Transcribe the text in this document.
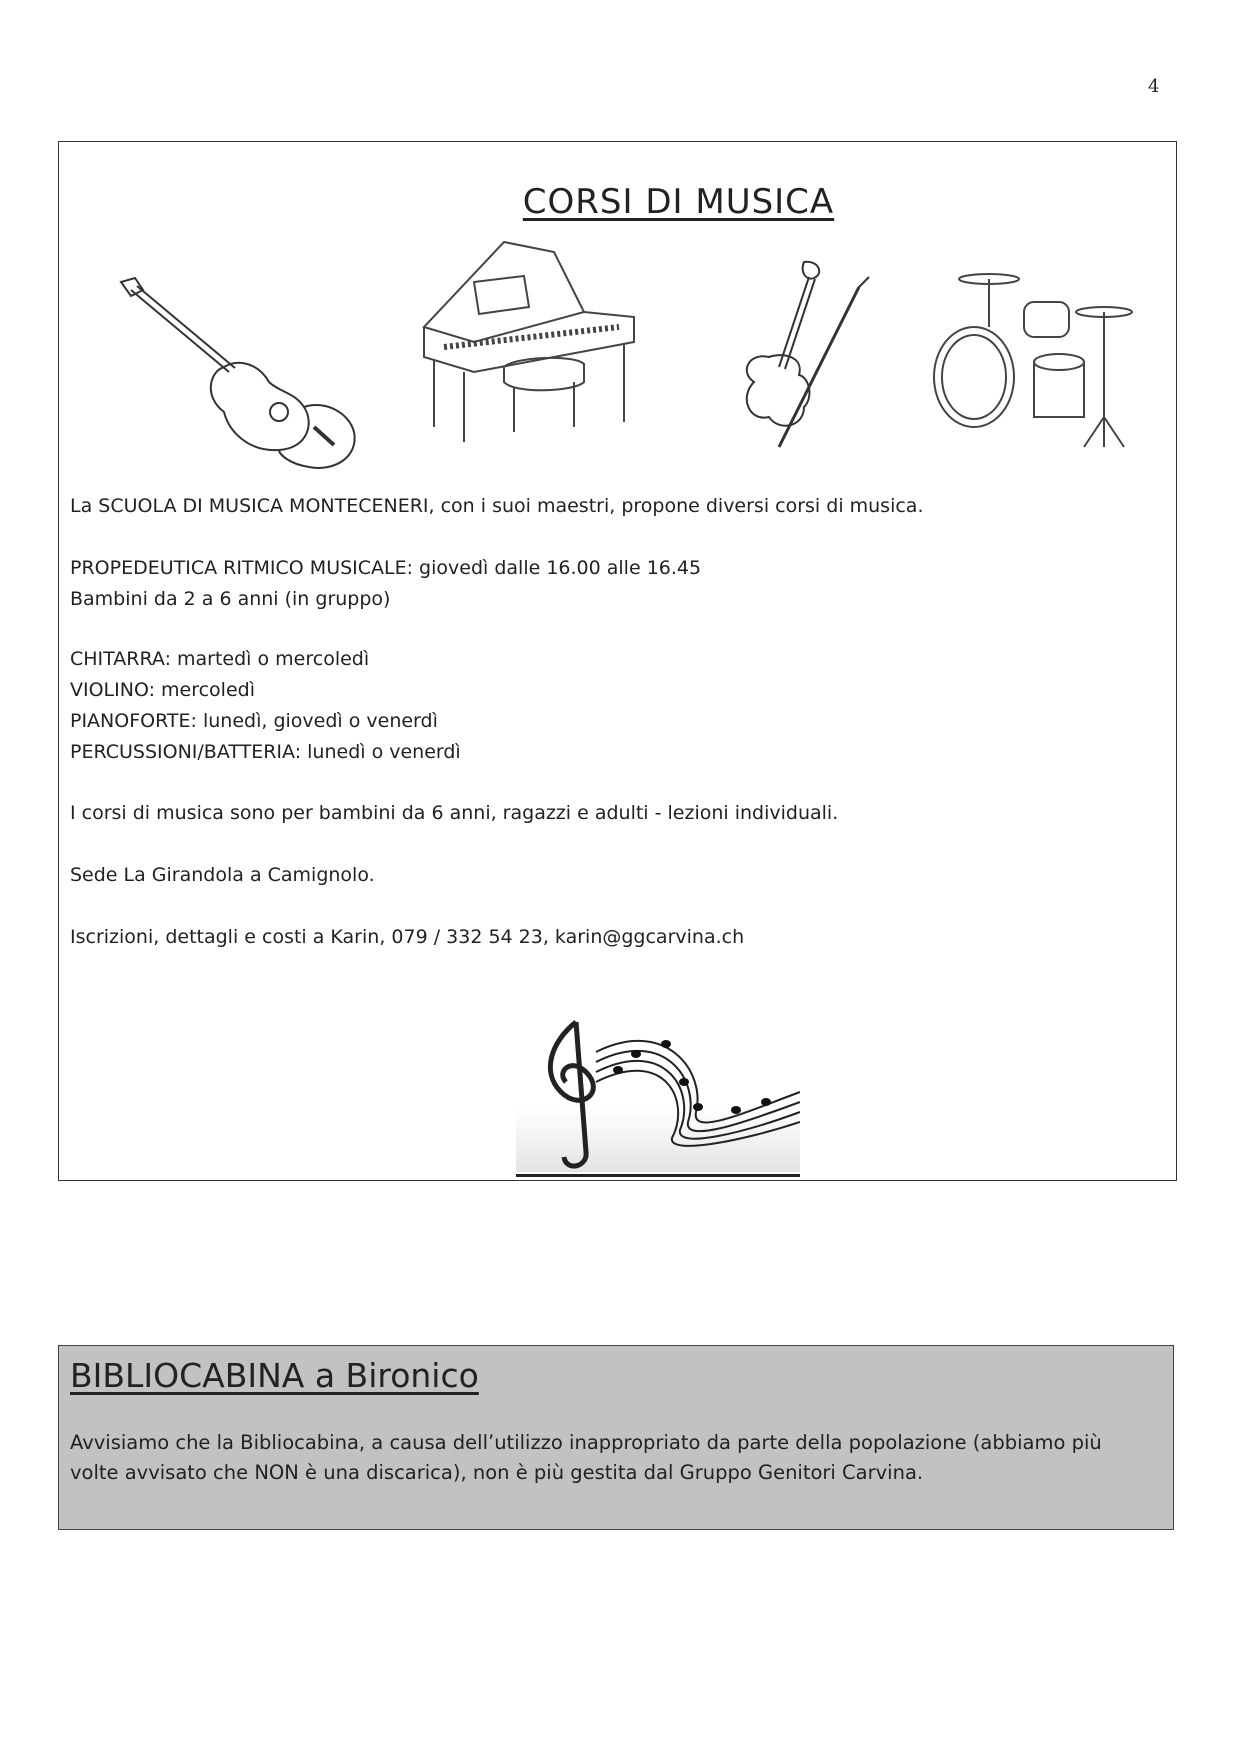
4
CORSI DI MUSICA
La SCUOLA DI MUSICA MONTECENERI, con i suoi maestri, propone diversi corsi di musica.
PROPEDEUTICA RITMICO MUSICALE: giovedì dalle 16.00 alle 16.45
Bambini da 2 a 6 anni (in gruppo)
CHITARRA: martedì o mercoledì
VIOLINO: mercoledì
PIANOFORTE: lunedì, giovedì o venerdì
PERCUSSIONI/BATTERIA: lunedì o venerdì
I corsi di musica sono per bambini da 6 anni, ragazzi e adulti - lezioni individuali.
Sede La Girandola a Camignolo.
Iscrizioni, dettagli e costi a Karin, 079 / 332 54 23, karin@ggcarvina.ch
BIBLIOCABINA a Bironico
Avvisiamo che la Bibliocabina, a causa dell’utilizzo inappropriato da parte della popolazione (abbiamo più
volte avvisato che NON è una discarica), non è più gestita dal Gruppo Genitori Carvina.
